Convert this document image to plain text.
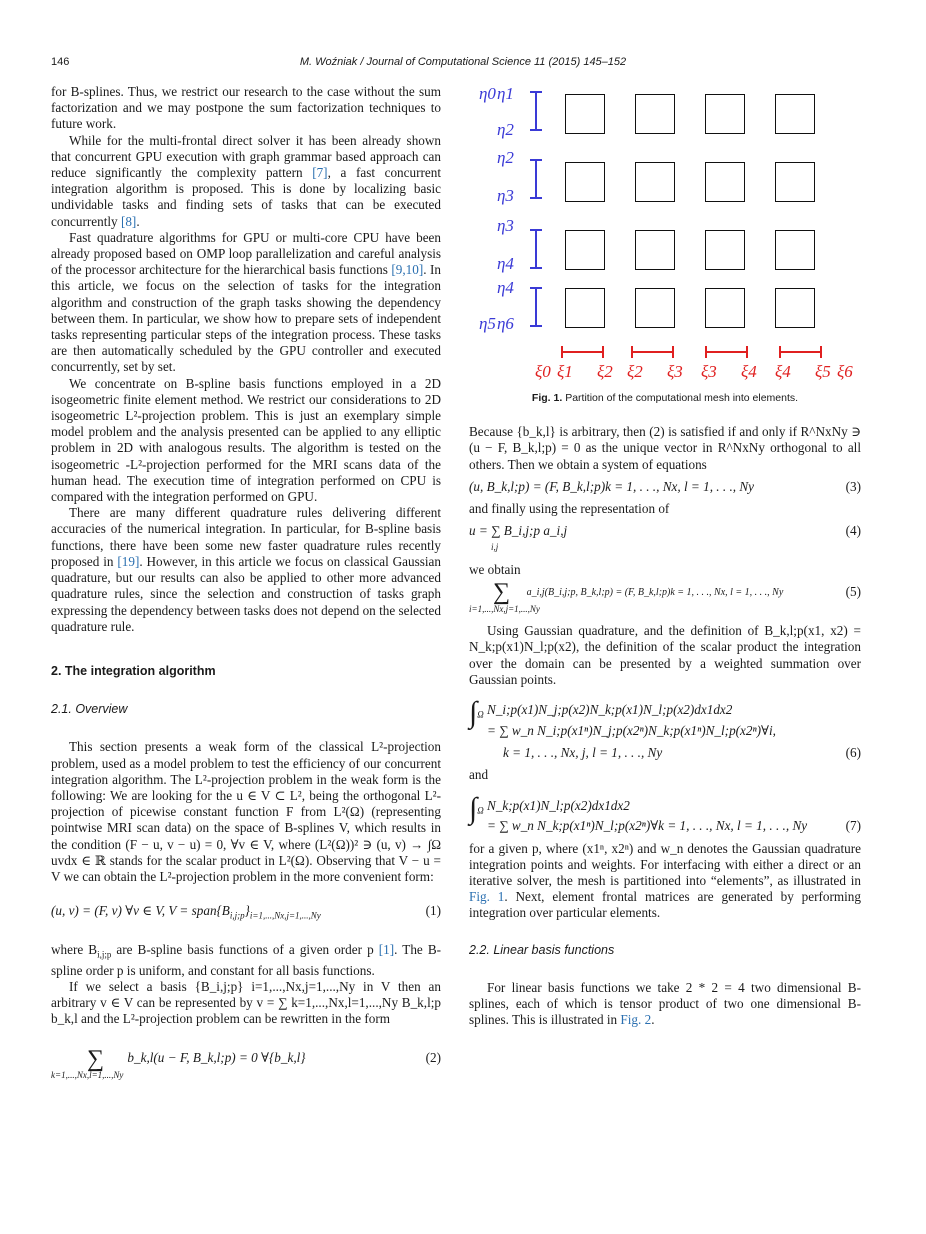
146	M. Woźniak / Journal of Computational Science 11 (2015) 145–152

for B-splines. Thus, we restrict our research to the case without the sum factorization and we may postpone the sum factorization techniques to future work.

While for the multi-frontal direct solver it has been already shown that concurrent GPU execution with graph grammar based approach can reduce significantly the complexity pattern [7], a fast concurrent integration algorithm is proposed. This is done by localizing basic undividable tasks and finding sets of tasks that can be executed concurrently [8].

Fast quadrature algorithms for GPU or multi-core CPU have been already proposed based on OMP loop parallelization and careful analysis of the processor architecture for the hierarchical basis functions [9,10]. In this article, we focus on the selection of tasks for the integration algorithm and construction of the graph tasks showing the dependency between them. In particular, we show how to prepare sets of independent tasks representing particular steps of the integration process. These tasks are then automatically scheduled by the GPU controller and executed concurrently, set by set.

We concentrate on B-spline basis functions employed in a 2D isogeometric finite element method. We restrict our considerations to 2D isogeometric L²-projection problem. This is just an exemplary simple model problem and the analysis presented can be applied to any elliptic problem in 2D with analogous results. The algorithm is tested on the isogeometric -L²-projection performed for the MRI scans data of the human head. The execution time of integration performed on CPU is compared with the integration performed on GPU.

There are many different quadrature rules delivering different accuracies of the numerical integration. In particular, for B-spline basis functions, there have been some new faster quadrature rules recently proposed in [19]. However, in this article we focus on classical Gaussian quadrature, but our results can also be applied to other more advanced quadrature rules, since the selection and construction of tasks graph expressing the dependency between tasks does not depend on the selected quadrature rule.

2. The integration algorithm
2.1. Overview

This section presents a weak form of the classical L²-projection problem, used as a model problem to test the efficiency of our concurrent integration algorithm. The L²-projection problem in the weak form is the following: We are looking for the u ∈ V ⊂ L², being the orthogonal L²-projection of picewise constant function F from L²(Ω) (representing pointwise MRI scan data) on the space of B-splines V, which results in the condition (F − u, v − u) = 0, ∀v ∈ V, where (L²(Ω))² ∋ (u, v) → ∫Ω uvdx ∈ ℝ stands for the scalar product in L²(Ω). Observing that V − u = V we can obtain the L²-projection problem in the more convenient form:

(u, v) = (F, v) ∀v ∈ V, $V = span\{B_{i,j;p}\}_{i=1,...,Nx,j=1,...,Ny}$	(1)

where $B_{i,j;p}$ are B-spline basis functions of a given order p [1]. The B-spline order p is uniform, and constant for all basis functions.

If we select a basis {B_i,j;p} i=1,...,Nx,j=1,...,Ny in V then an arbitrary v ∈ V can be represented by v = ∑ k=1,...,Nx,l=1,...,Ny B_k,l;p b_k,l and the L²-projection problem can be rewritten in the form

∑ b_k,l(u − F, B_k,l;p) = 0 ∀{b_k,l}	(2)
k=1,...,Nx,l=1,...,Ny
η0 η1
η2
η2
η3
η3
η4
η4
η5 η6
ξ0 ξ1 ξ2 ξ2 ξ3 ξ3 ξ4 ξ4 ξ5 ξ6
Fig. 1. Partition of the computational mesh into elements.

Because {b_k,l} is arbitrary, then (2) is satisfied if and only if R^NxNy ∋ (u − F, B_k,l;p) = 0 as the unique vector in R^NxNy orthogonal to all others. Then we obtain a system of equations

(u, B_k,l;p) = (F, B_k,l;p)k = 1, . . ., Nx, l = 1, . . ., Ny	(3)

and finally using the representation of

u = ∑ B_i,j;p a_i,j	(4)
i,j

we obtain

∑ a_i,j(B_i,j;p, B_k,l;p) = (F, B_k,l;p)k = 1, . . ., Nx, l = 1, . . ., Ny	(5)
i=1,...,Nx,j=1,...,Ny

Using Gaussian quadrature, and the definition of B_k,l;p(x1, x2) = N_k;p(x1)N_l;p(x2), the definition of the scalar product the integration over the domain can be presented by a weighted summation over Gaussian points.

$\int_\Omega$ N_i;p(x1)N_j;p(x2)N_k;p(x1)N_l;p(x2)dx1dx2
= ∑ w_n N_i;p(x1ⁿ)N_j;p(x2ⁿ)N_k;p(x1ⁿ)N_l;p(x2ⁿ)∀i,
k = 1, . . ., Nx, j, l = 1, . . ., Ny	(6)

and

$\int_\Omega$ N_k;p(x1)N_l;p(x2)dx1dx2
= ∑ w_n N_k;p(x1ⁿ)N_l;p(x2ⁿ)∀k = 1, . . ., Nx, l = 1, . . ., Ny	(7)

for a given p, where (x1ⁿ, x2ⁿ) and w_n denotes the Gaussian quadrature integration points and weights. For interfacing with either a direct or an iterative solver, the mesh is partitioned into “elements”, as illustrated in Fig. 1. Next, element frontal matrices are generated by performing integration over particular elements.

2.2. Linear basis functions

For linear basis functions we take 2 * 2 = 4 two dimensional B-splines, each of which is tensor product of two one dimensional B-splines. This is illustrated in Fig. 2.
